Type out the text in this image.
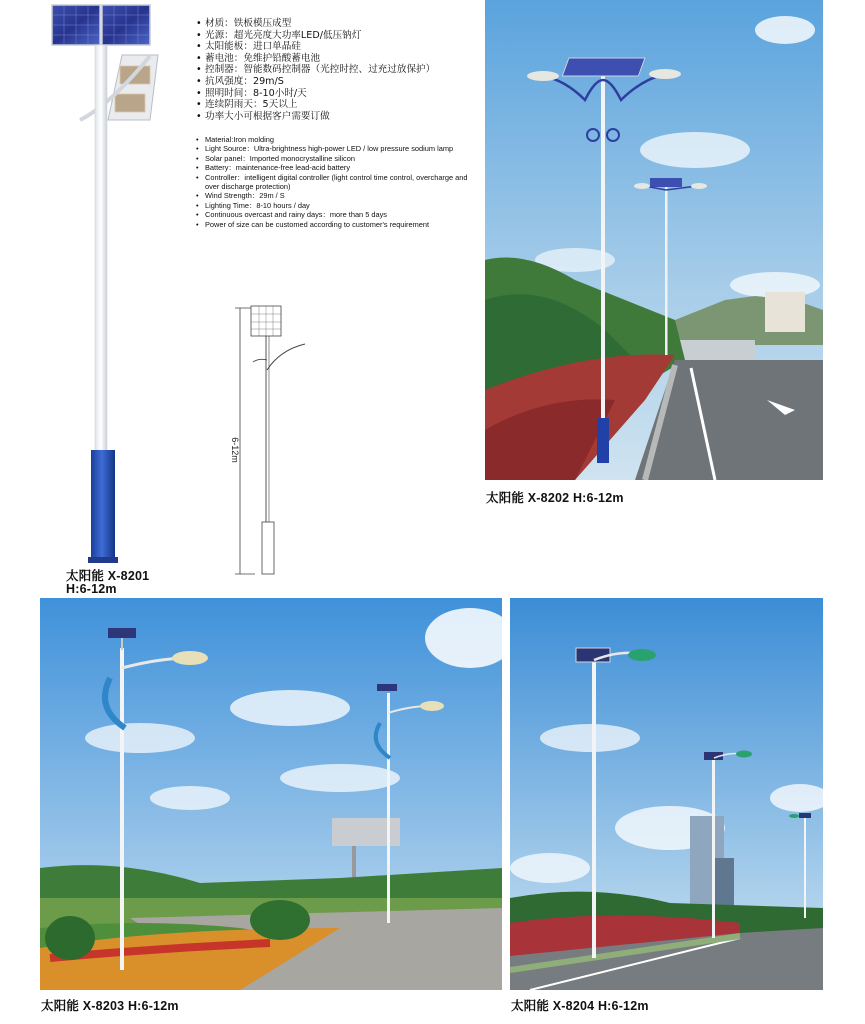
• 材质：铁板模压成型
• 光源：超光亮度大功率LED/低压钠灯
• 太阳能板：进口单晶硅
• 蓄电池：免维护铅酸蓄电池
• 控制器：智能数码控制器（光控时控、过充过放保护）
• 抗风强度：29m/S
• 照明时间：8-10小时/天
• 连续阴雨天：5天以上
• 功率大小可根据客户需要订做
• Material:Iron molding
• Light Source：Ultra-brightness high-power LED / low pressure sodium lamp
• Solar panel：Imported monocrystalline silicon
• Battery：maintenance-free lead-acid battery
• Controller：intelligent digital controller (light control time control, overcharge and over discharge protection)
• Wind Strength：29m / S
• Lighting Time：8-10 hours / day
• Continuous overcast and rainy days：more than 5 days
• Power of size can be customed according to customer's requirement
6-12m
太阳能 X-8201
H:6-12m
太阳能 X-8202 H:6-12m
太阳能 X-8203 H:6-12m	太阳能 X-8204 H:6-12m
